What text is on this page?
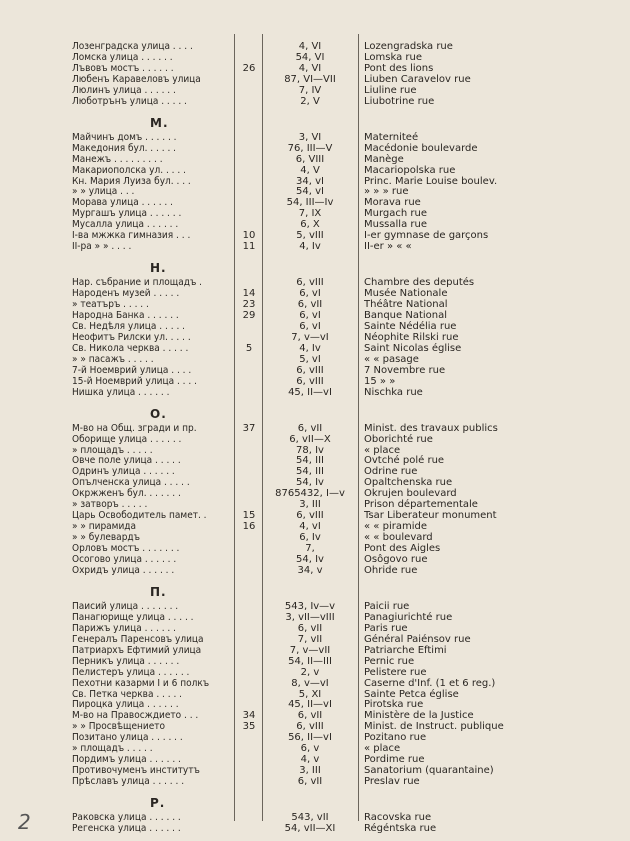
Лозенградска улица . . . .	4, VI	Lozengradska rue
Ломска улица . . . . . .	54, VI	Lomska rue
Лъвовъ мостъ . . . . . .	26	4, VI	Pont des lions
Любенъ Каравеловъ улица	87, VI—VII	Liuben Caravelov rue
Люлинъ улица . . . . . .	7, IV	Liuline rue
Люботрънъ улица . . . . .	2, V	Liubotrine rue
М.
Майчинъ домъ . . . . . .	3, VI	Materniteé
Македония бул. . . . . .	76, III—V	Macédonie boulevarde
Манежъ . . . . . . . . .	6, VIII	Manège
Макариополска ул. . . . .	4, V	Macariopolska rue
Кн. Мария Луиза бул. . . .	34, vI	Princ. Marie Louise boulev.
» » улица . . .	54, vI	» » » rue
Морава улица . . . . . .	54, III—Iv	Morava rue
Мургашъ улица . . . . . .	7, IX	Murgach rue
Мусалла улица . . . . . .	6, X	Mussalla rue
I-ва мжжка гимназия . . .	10	5, vIII	I-er gymnase de garçons
II-ра » » . . . .	11	4, Iv	II-er » « «
Н.
Нар. събрание и площадъ .	6, vIII	Chambre des deputés
Народенъ музей . . . . .	14	6, vI	Musée Nationale
» театъръ . . . . .	23	6, vII	Théâtre National
Народна Банка . . . . . .	29	6, vI	Banque National
Св. Недѣля улица . . . . .	6, vI	Sainte Nédélia rue
Неофитъ Рилски ул. . . . .	7, v—vI	Néophite Rilski rue
Св. Никола черква . . . . .	5	4, Iv	Saint Nicolas église
» » пасажъ . . . . .	5, vI	« « pasage
7-й Ноемврий улица . . . .	6, vIII	7 Novembre rue
15-й Ноемврий улица . . . .	6, vIII	15 » »
Нишка улица . . . . . .	45, II—vI	Nischka rue
О.
М-во на Общ. згради и пр.	37	6, vII	Minist. des travaux publics
Оборище улица . . . . . .	6, vII—X	Oborichté rue
» площадъ . . . . .	78, Iv	« place
Овче поле улица . . . . .	54, III	Ovtché polé rue
Одринъ улица . . . . . .	54, III	Odrine rue
Опълченска улица . . . . .	54, Iv	Opaltchenska rue
Окржженъ бул. . . . . . .	8765432, I—v	Okrujen boulevard
» затворъ . . . . .	3, III	Prison départementale
Царь Освободитель памет. .	15	6, vIII	Tsar Liberateur monument
» » пирамида	16	4, vI	« « piramide
» » булевардъ	6, Iv	« « boulevard
Орловъ мостъ . . . . . . .	7,	Pont des Aigles
Осогово улица . . . . . .	54, Iv	Osôgovo rue
Охридъ улица . . . . . .	34, v	Ohride rue
П.
Паисий улица . . . . . . .	543, Iv—v	Paicii rue
Панагюрище улица . . . . .	3, vII—vIII	Panagiurichté rue
Парижъ улица . . . . . .	6, vII	Paris rue
Генералъ Паренсовъ улица	7, vII	Général Paiénsov rue
Патриархъ Ефтимий улица	7, v—vII	Patriarche Eftimi
Перникъ улица . . . . . .	54, II—III	Pernic rue
Пелистеръ улица . . . . . .	2, v	Pelistere rue
Пехотни казарми I и 6 полкъ	8, v—vI	Caserne d'Inf. (1 et 6 reg.)
Св. Петка черква . . . . .	5, XI	Sainte Petca église
Пироцка улица . . . . . .	45, II—vI	Pirotska rue
М-во на Правосждието . . .	34	6, vII	Ministère de la Justice
» » Просвѣщението	35	6, vIII	Minist. de Instruct. publique
Позитано улица . . . . . .	56, II—vI	Pozitano rue
» площадъ . . . . .	6, v	« place
Пордимъ улица . . . . . .	4, v	Pordime rue
Противочуменъ институтъ	3, III	Sanatorium (quarantaine)
Прѣславъ улица . . . . . .	6, vII	Preslav rue
Р.
Раковска улица . . . . . .	543, vII	Racovska rue
Регенска улица . . . . . .	54, vII—XI	Régéntska rue
2
